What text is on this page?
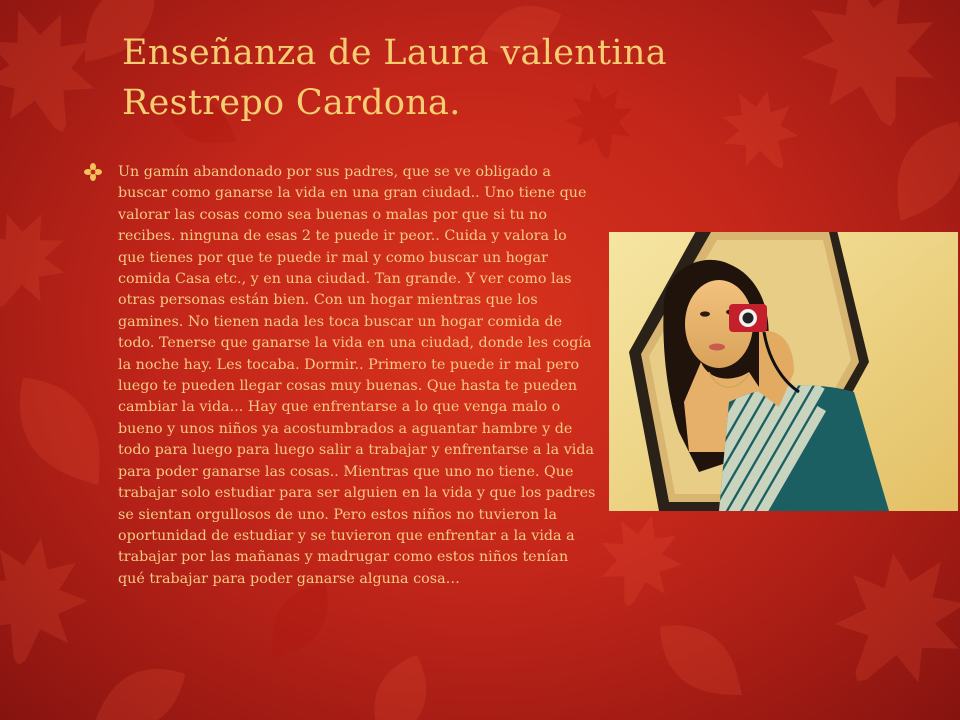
Enseñanza de Laura valentina Restrepo Cardona.

Un gamín abandonado por sus padres, que se ve obligado a buscar como ganarse la vida en una gran ciudad.. Uno tiene que valorar las cosas como sea buenas o malas por que si tu no recibes. ninguna de esas 2 te puede ir peor.. Cuida y valora lo que tienes por que te puede ir mal y como buscar un hogar comida Casa etc., y en una ciudad. Tan grande. Y ver como las otras personas están bien. Con un hogar mientras que los gamines. No tienen nada les toca buscar un hogar comida de todo. Tenerse que ganarse la vida en una ciudad, donde les cogía la noche hay. Les tocaba. Dormir.. Primero te puede ir mal pero luego te pueden llegar cosas muy buenas. Que hasta te pueden cambiar la vida... Hay que enfrentarse a lo que venga malo o bueno y unos niños ya acostumbrados a aguantar hambre y de todo para luego para luego salir a trabajar y enfrentarse a la vida para poder ganarse las cosas.. Mientras que uno no tiene. Que trabajar solo estudiar para ser alguien en la vida y que los padres se sientan orgullosos de uno. Pero estos niños no tuvieron la oportunidad de estudiar y se tuvieron que enfrentar a la vida a trabajar por las mañanas y madrugar como estos niños tenían qué trabajar para poder ganarse alguna cosa…
